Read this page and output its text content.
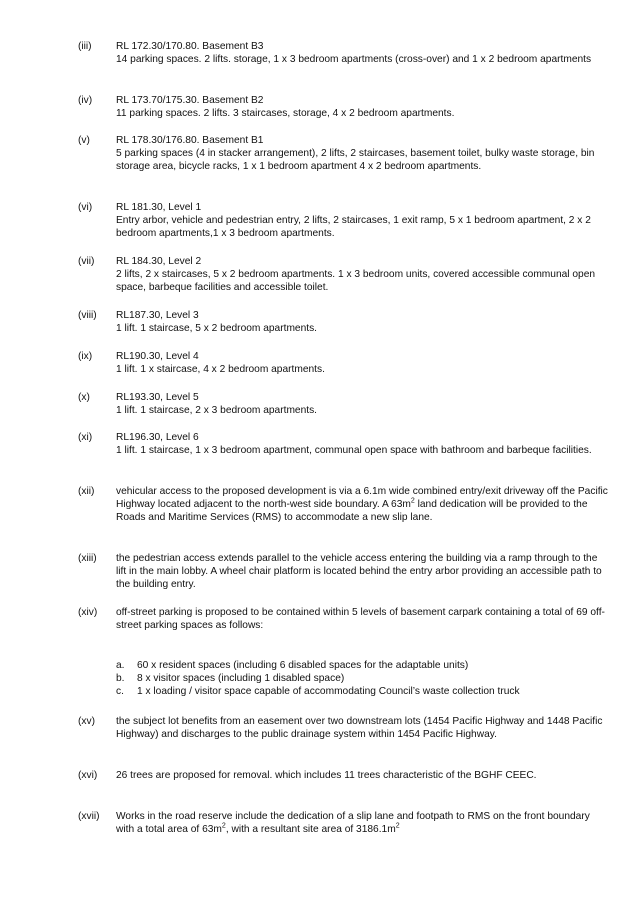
(iii)	RL 172.30/170.80. Basement B3
14 parking spaces. 2 lifts. storage, 1 x 3 bedroom apartments (cross-over) and 1 x 2 bedroom apartments
(iv)	RL 173.70/175.30. Basement B2
11 parking spaces. 2 lifts. 3 staircases, storage, 4 x 2 bedroom apartments.
(v)	RL 178.30/176.80. Basement B1
5 parking spaces (4 in stacker arrangement), 2 lifts, 2 staircases, basement toilet, bulky waste storage, bin storage area, bicycle racks, 1 x 1 bedroom apartment 4 x 2 bedroom apartments.
(vi)	RL 181.30, Level 1
Entry arbor, vehicle and pedestrian entry, 2 lifts, 2 staircases, 1 exit ramp, 5 x 1 bedroom apartment, 2 x 2 bedroom apartments,1 x 3 bedroom apartments.
(vii)	RL 184.30, Level 2
2 lifts, 2 x staircases, 5 x 2 bedroom apartments. 1 x 3 bedroom units, covered accessible communal open space, barbeque facilities and accessible toilet.
(viii)	RL187.30, Level 3
1 lift. 1 staircase, 5 x 2 bedroom apartments.
(ix)	RL190.30, Level 4
1 lift. 1 x staircase, 4 x 2 bedroom apartments.
(x)	RL193.30, Level 5
1 lift. 1 staircase, 2 x 3 bedroom apartments.
(xi)	RL196.30, Level 6
1 lift. 1 staircase, 1 x 3 bedroom apartment, communal open space with bathroom and barbeque facilities.
(xii)	vehicular access to the proposed development is via a 6.1m wide combined entry/exit driveway off the Pacific Highway located adjacent to the north-west side boundary. A $63m^2$ land dedication will be provided to the Roads and Maritime Services (RMS) to accommodate a new slip lane.
(xiii)	the pedestrian access extends parallel to the vehicle access entering the building via a ramp through to the lift in the main lobby. A wheel chair platform is located behind the entry arbor providing an accessible path to the building entry.
(xiv)	off-street parking is proposed to be contained within 5 levels of basement carpark containing a total of 69 off-street parking spaces as follows:
a. 60 x resident spaces (including 6 disabled spaces for the adaptable units)
b. 8 x visitor spaces (including 1 disabled space)
c. 1 x loading / visitor space capable of accommodating Council’s waste collection truck
(xv)	the subject lot benefits from an easement over two downstream lots (1454 Pacific Highway and 1448 Pacific Highway) and discharges to the public drainage system within 1454 Pacific Highway.
(xvi)	26 trees are proposed for removal. which includes 11 trees characteristic of the BGHF CEEC.
(xvii)	Works in the road reserve include the dedication of a slip lane and footpath to RMS on the front boundary with a total area of $63m^2$, with a resultant site area of $3186.1m^2$
